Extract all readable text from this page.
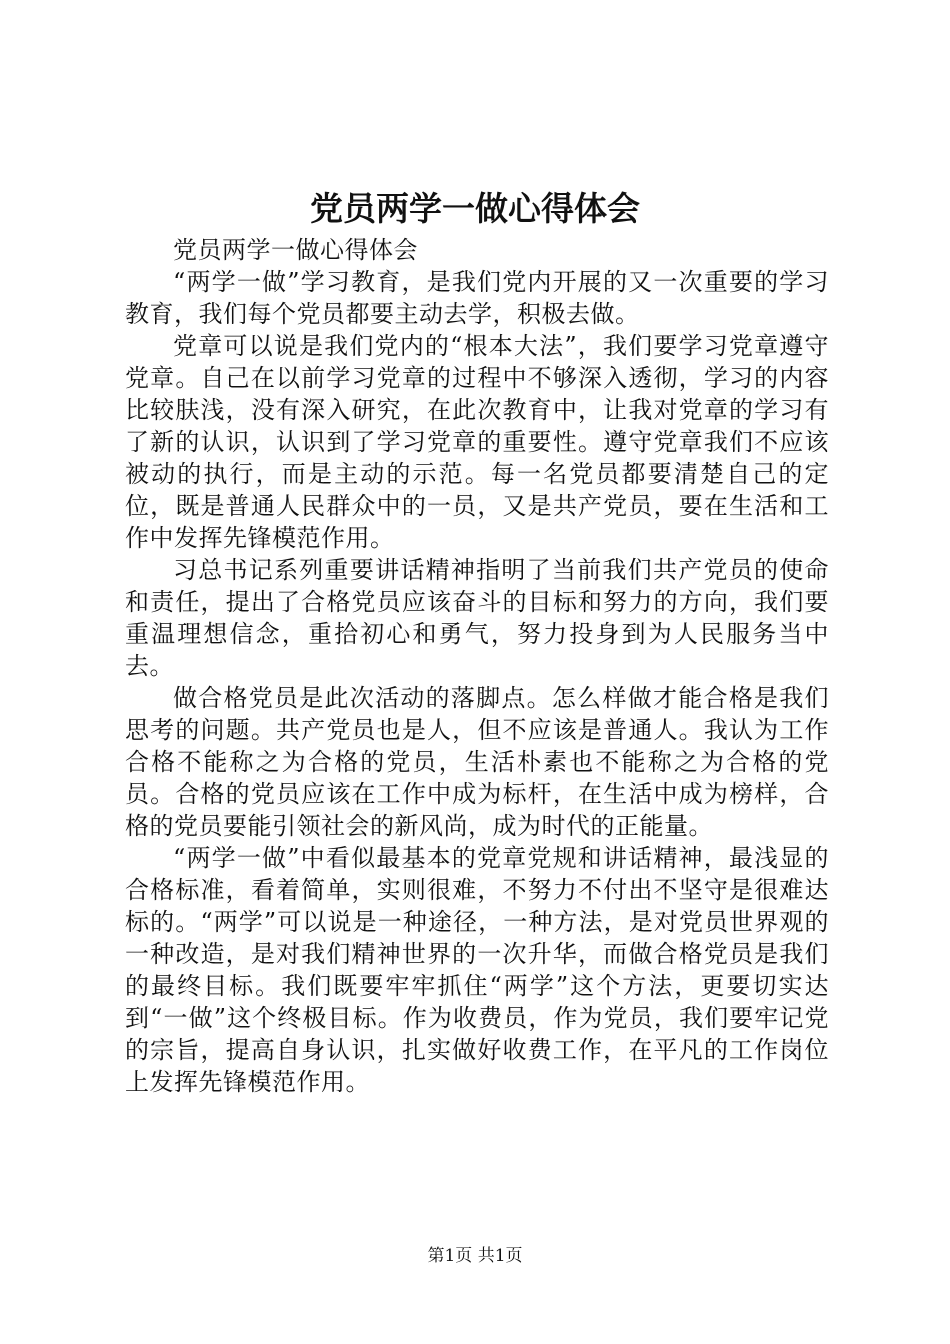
党员两学一做心得体会

党员两学一做心得体会

“两学一做”学习教育，是我们党内开展的又一次重要的学习教育，我们每个党员都要主动去学，积极去做。

党章可以说是我们党内的“根本大法”，我们要学习党章遵守党章。自己在以前学习党章的过程中不够深入透彻，学习的内容比较肤浅，没有深入研究，在此次教育中，让我对党章的学习有了新的认识，认识到了学习党章的重要性。遵守党章我们不应该被动的执行，而是主动的示范。每一名党员都要清楚自己的定位，既是普通人民群众中的一员，又是共产党员，要在生活和工作中发挥先锋模范作用。

习总书记系列重要讲话精神指明了当前我们共产党员的使命和责任，提出了合格党员应该奋斗的目标和努力的方向，我们要重温理想信念，重拾初心和勇气，努力投身到为人民服务当中去。

做合格党员是此次活动的落脚点。怎么样做才能合格是我们思考的问题。共产党员也是人，但不应该是普通人。我认为工作合格不能称之为合格的党员，生活朴素也不能称之为合格的党员。合格的党员应该在工作中成为标杆，在生活中成为榜样，合格的党员要能引领社会的新风尚，成为时代的正能量。

“两学一做”中看似最基本的党章党规和讲话精神，最浅显的合格标准，看着简单，实则很难，不努力不付出不坚守是很难达标的。“两学”可以说是一种途径，一种方法，是对党员世界观的一种改造，是对我们精神世界的一次升华，而做合格党员是我们的最终目标。我们既要牢牢抓住“两学”这个方法，更要切实达到“一做”这个终极目标。作为收费员，作为党员，我们要牢记党的宗旨，提高自身认识，扎实做好收费工作，在平凡的工作岗位上发挥先锋模范作用。

第1页 共1页
